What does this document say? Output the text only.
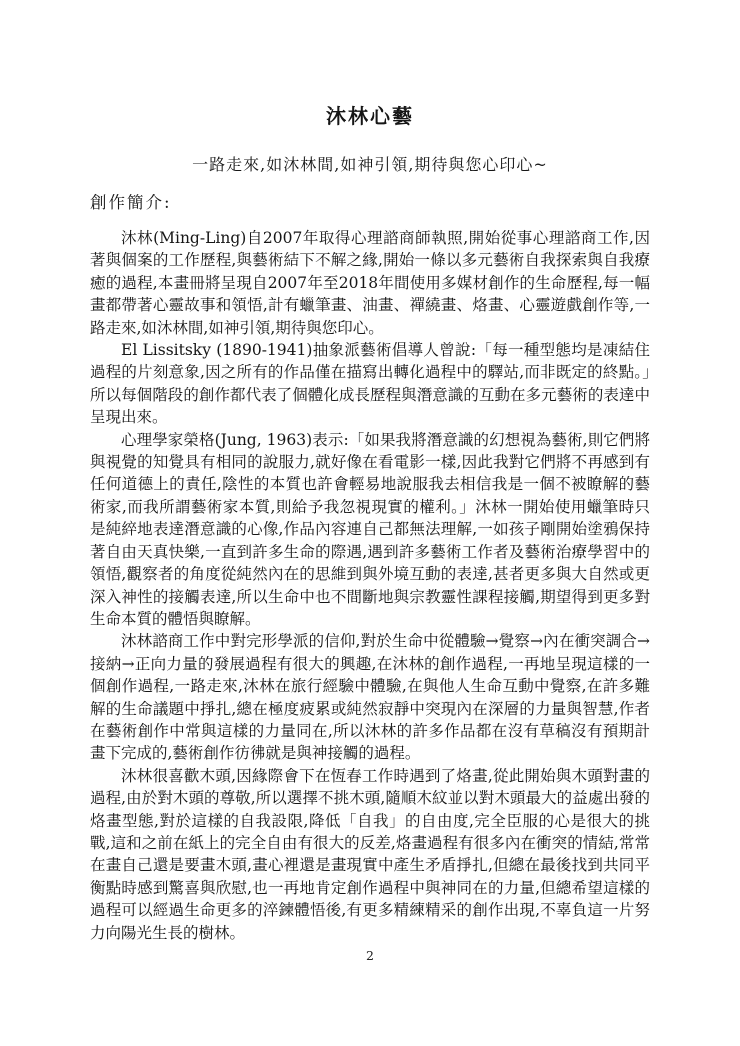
沐林心藝

一路走來,如沐林間,如神引領,期待與您心印心~

創作簡介:

沐林(Ming-Ling)自2007年取得心理諮商師執照,開始從事心理諮商工作,因著與個案的工作歷程,與藝術結下不解之緣,開始一條以多元藝術自我探索與自我療癒的過程,本畫冊將呈現自2007年至2018年間使用多媒材創作的生命歷程,每一幅畫都帶著心靈故事和領悟,計有蠟筆畫、油畫、禪繞畫、烙畫、心靈遊戲創作等,一路走來,如沐林間,如神引領,期待與您印心。

El Lissitsky (1890-1941)抽象派藝術倡導人曾說:「每一種型態均是凍結住過程的片刻意象,因之所有的作品僅在描寫出轉化過程中的驛站,而非既定的終點。」所以每個階段的創作都代表了個體化成長歷程與潛意識的互動在多元藝術的表達中呈現出來。

心理學家榮格(Jung, 1963)表示:「如果我將潛意識的幻想視為藝術,則它們將與視覺的知覺具有相同的說服力,就好像在看電影一樣,因此我對它們將不再感到有任何道德上的責任,陰性的本質也許會輕易地說服我去相信我是一個不被瞭解的藝術家,而我所謂藝術家本質,則給予我忽視現實的權利。」沐林一開始使用蠟筆時只是純綷地表達潛意識的心像,作品內容連自己都無法理解,一如孩子剛開始塗鴉保持著自由天真快樂,一直到許多生命的際遇,遇到許多藝術工作者及藝術治療學習中的領悟,觀察者的角度從純然內在的思維到與外境互動的表達,甚者更多與大自然或更深入神性的接觸表達,所以生命中也不間斷地與宗教靈性課程接觸,期望得到更多對生命本質的體悟與瞭解。

沐林諮商工作中對完形學派的信仰,對於生命中從體驗→覺察→內在衝突調合→接納→正向力量的發展過程有很大的興趣,在沐林的創作過程,一再地呈現這樣的一個創作過程,一路走來,沐林在旅行經驗中體驗,在與他人生命互動中覺察,在許多難解的生命議題中掙扎,總在極度疲累或純然寂靜中突現內在深層的力量與智慧,作者在藝術創作中常與這樣的力量同在,所以沐林的許多作品都在沒有草稿沒有預期計畫下完成的,藝術創作彷彿就是與神接觸的過程。

沐林很喜歡木頭,因緣際會下在恆春工作時遇到了烙畫,從此開始與木頭對畫的過程,由於對木頭的尊敬,所以選擇不挑木頭,隨順木紋並以對木頭最大的益處出發的烙畫型態,對於這樣的自我設限,降低「自我」的自由度,完全臣服的心是很大的挑戰,這和之前在紙上的完全自由有很大的反差,烙畫過程有很多內在衝突的情結,常常在畫自己還是要畫木頭,畫心裡還是畫現實中產生矛盾掙扎,但總在最後找到共同平衡點時感到驚喜與欣慰,也一再地肯定創作過程中與神同在的力量,但總希望這樣的過程可以經過生命更多的淬鍊體悟後,有更多精練精采的創作出現,不辜負這一片努力向陽光生長的樹林。

2
